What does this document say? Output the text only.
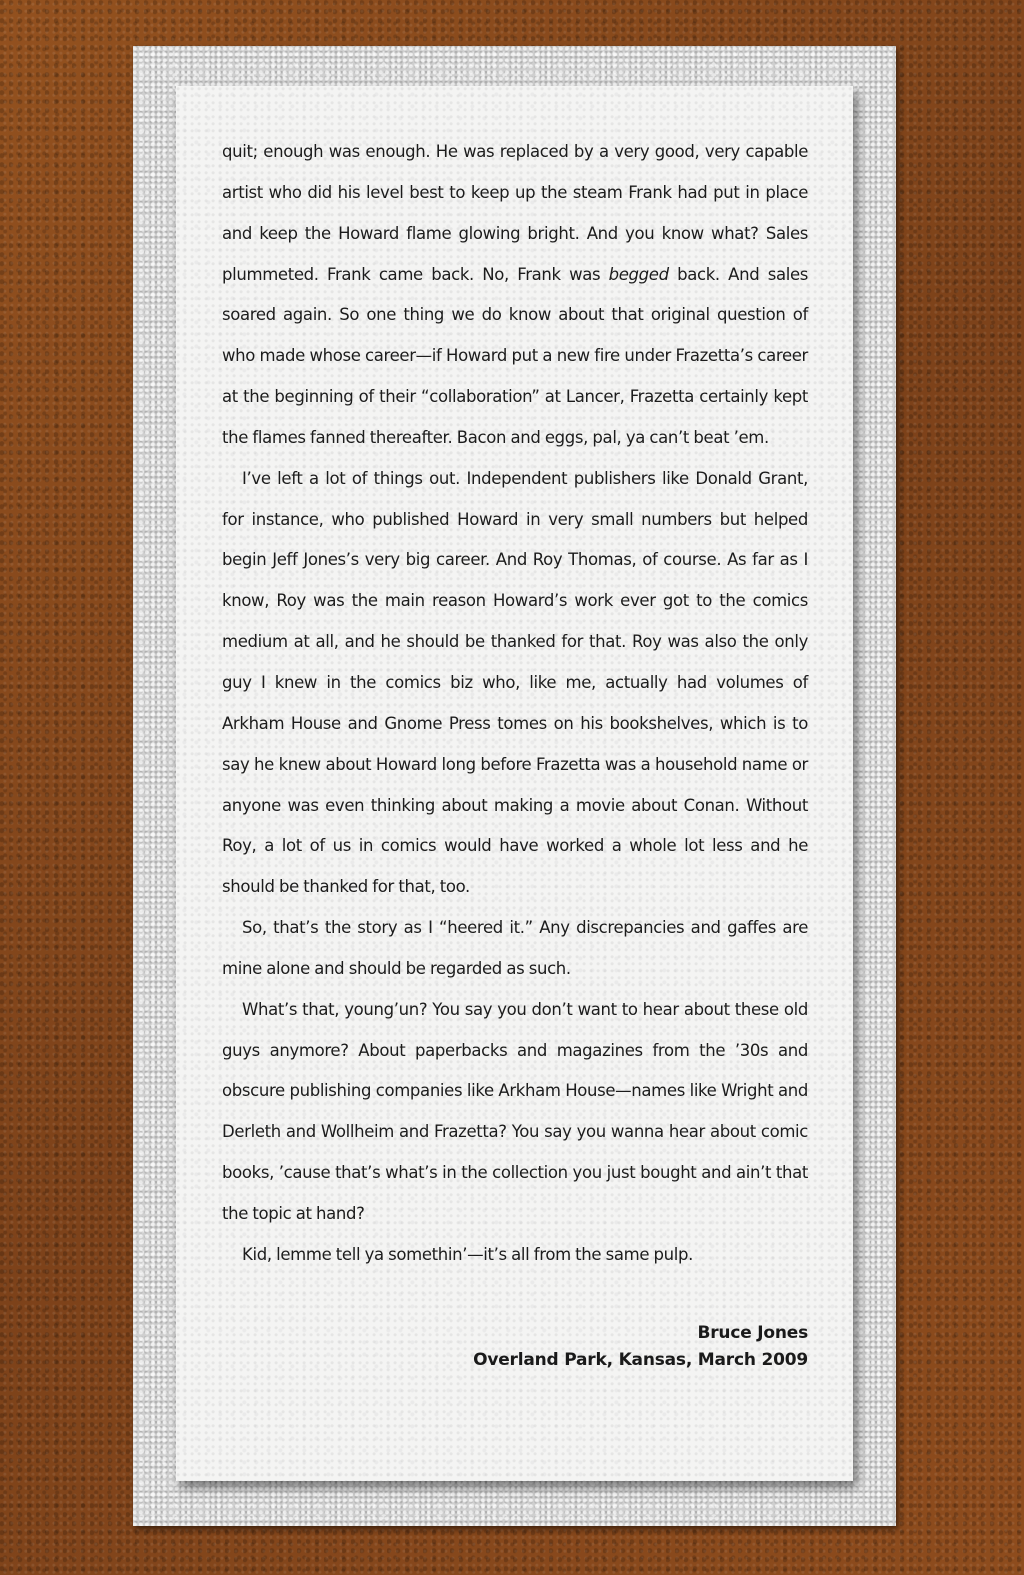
quit; enough was enough. He was replaced by a very good, very capable artist who did his level best to keep up the steam Frank had put in place and keep the Howard flame glowing bright. And you know what? Sales plummeted. Frank came back. No, Frank was begged back. And sales soared again. So one thing we do know about that original question of who made whose career—if Howard put a new fire under Frazetta’s career at the beginning of their “collaboration” at Lancer, Frazetta certainly kept the flames fanned thereafter. Bacon and eggs, pal, ya can’t beat ’em.

I’ve left a lot of things out. Independent publishers like Donald Grant, for instance, who published Howard in very small numbers but helped begin Jeff Jones’s very big career. And Roy Thomas, of course. As far as I know, Roy was the main reason Howard’s work ever got to the comics medium at all, and he should be thanked for that. Roy was also the only guy I knew in the comics biz who, like me, actually had volumes of Arkham House and Gnome Press tomes on his bookshelves, which is to say he knew about Howard long before Frazetta was a household name or anyone was even thinking about making a movie about Conan. Without Roy, a lot of us in comics would have worked a whole lot less and he should be thanked for that, too.

So, that’s the story as I “heered it.” Any discrepancies and gaffes are mine alone and should be regarded as such.

What’s that, young’un? You say you don’t want to hear about these old guys anymore? About paperbacks and magazines from the ’30s and obscure publishing companies like Arkham House—names like Wright and Derleth and Wollheim and Frazetta? You say you wanna hear about comic books, ’cause that’s what’s in the collection you just bought and ain’t that the topic at hand?

Kid, lemme tell ya somethin’—it’s all from the same pulp.

Bruce Jones
Overland Park, Kansas, March 2009
